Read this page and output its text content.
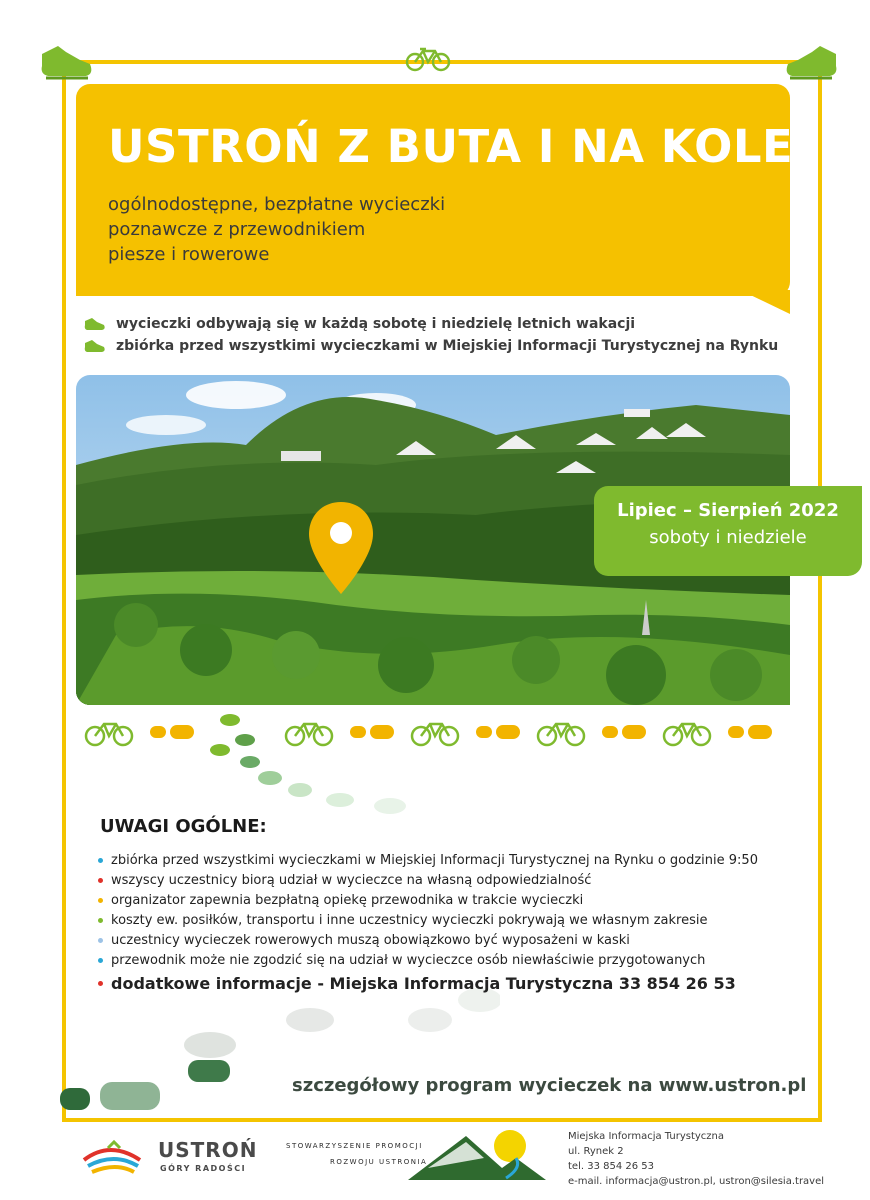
USTROŃ Z BUTA I NA KOLE
ogólnodostępne, bezpłatne wycieczki
poznawcze z przewodnikiem
piesze i rowerowe
wycieczki odbywają się w każdą sobotę i niedzielę letnich wakacji
zbiórka przed wszystkimi wycieczkami w Miejskiej Informacji Turystycznej na Rynku
Lipiec – Sierpień 2022
soboty i niedziele
UWAGI OGÓLNE:
zbiórka przed wszystkimi wycieczkami w Miejskiej Informacji Turystycznej na Rynku o godzinie 9:50
wszyscy uczestnicy biorą udział w wycieczce na własną odpowiedzialność
organizator zapewnia bezpłatną opiekę przewodnika w trakcie wycieczki
koszty ew. posiłków, transportu i inne uczestnicy wycieczki pokrywają we własnym zakresie
uczestnicy wycieczek rowerowych muszą obowiązkowo być wyposażeni w kaski
przewodnik może nie zgodzić się na udział w wycieczce osób niewłaściwie przygotowanych
dodatkowe informacje - Miejska Informacja Turystyczna 33 854 26 53
szczegółowy program wycieczek na www.ustron.pl
USTROŃ
GÓRY RADOŚCI
STOWARZYSZENIE PROMOCJI
ROZWOJU USTRONIA
Miejska Informacja Turystyczna
ul. Rynek 2
tel. 33 854 26 53
e-mail. informacja@ustron.pl, ustron@silesia.travel
